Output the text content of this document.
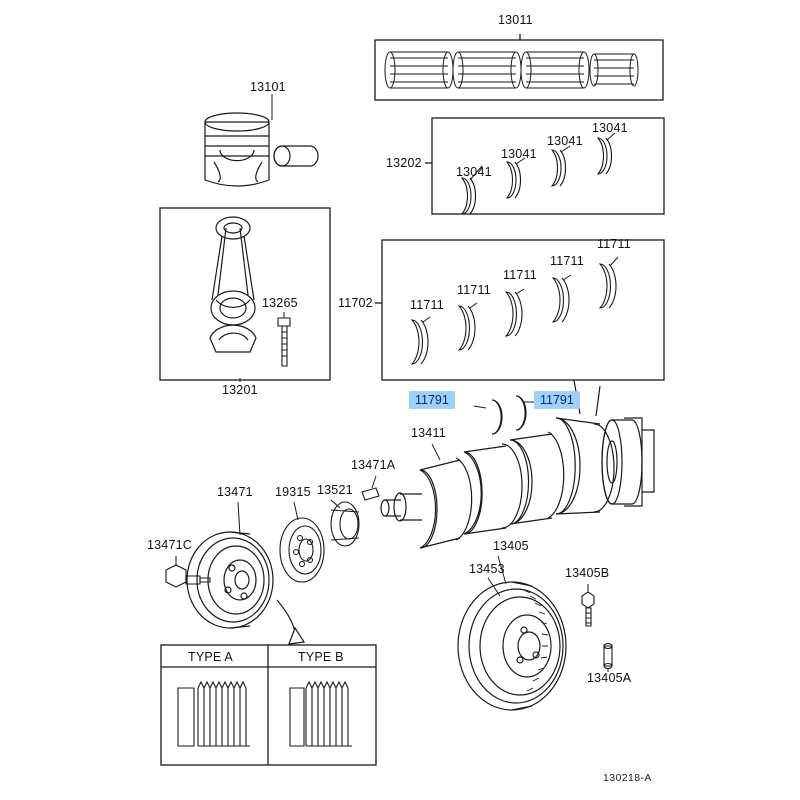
13011
13101
13202
13041
13041
13041
13041
11702
11711
11711
11711
11711
11711
13265
13201
13411
13471A
13471 19315 13521
13471C	13405
13453	13405B
13405A
11791	11791
TYPE A	TYPE B
130218-A
